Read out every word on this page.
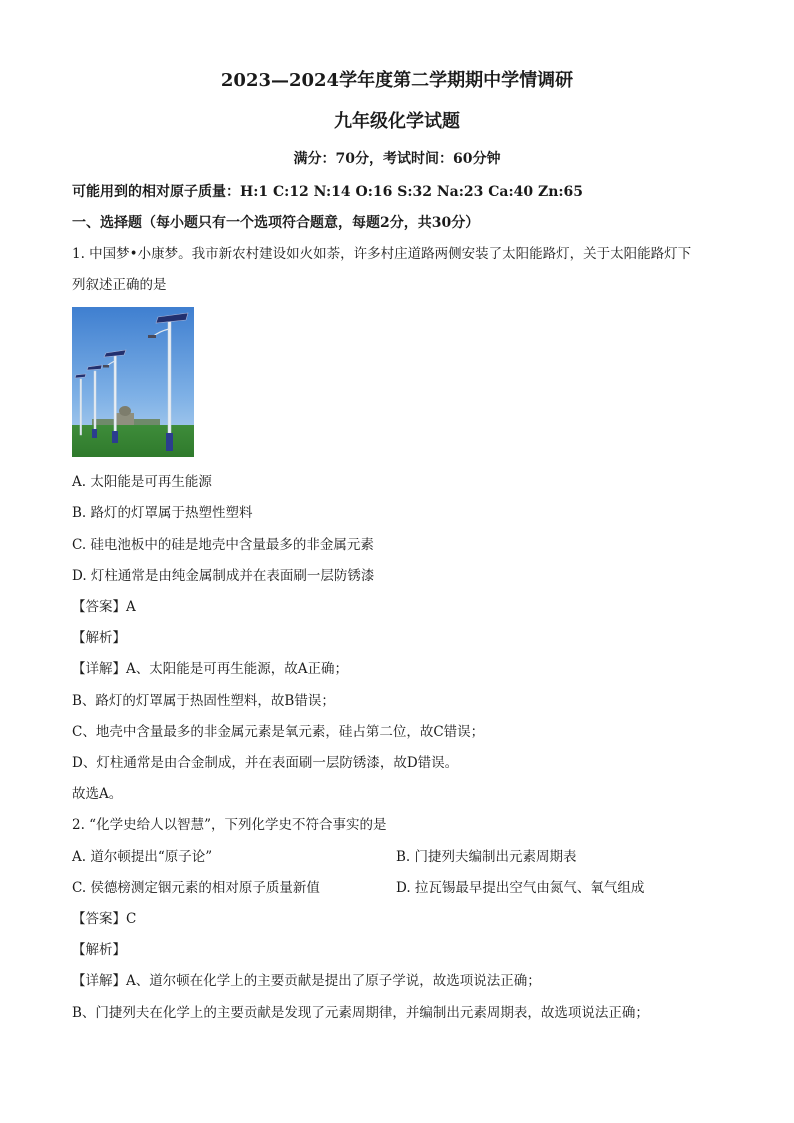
2023—2024学年度第二学期期中学情调研
九年级化学试题
满分：70分，考试时间：60分钟
可能用到的相对原子质量：H:1 C:12 N:14 O:16 S:32 Na:23 Ca:40 Zn:65
一、选择题（每小题只有一个选项符合题意，每题2分，共30分）
1. 中国梦•小康梦。我市新农村建设如火如荼，许多村庄道路两侧安装了太阳能路灯，关于太阳能路灯下
列叙述正确的是
A. 太阳能是可再生能源
B. 路灯的灯罩属于热塑性塑料
C. 硅电池板中的硅是地壳中含量最多的非金属元素
D. 灯柱通常是由纯金属制成并在表面刷一层防锈漆
【答案】A
【解析】
【详解】A、太阳能是可再生能源，故A正确；
B、路灯的灯罩属于热固性塑料，故B错误；
C、地壳中含量最多的非金属元素是氧元素，硅占第二位，故C错误；
D、灯柱通常是由合金制成，并在表面刷一层防锈漆，故D错误。
故选A。
2. “化学史给人以智慧”，下列化学史不符合事实的是
A. 道尔顿提出“原子论”	B. 门捷列夫编制出元素周期表
C. 侯德榜测定铟元素的相对原子质量新值	D. 拉瓦锡最早提出空气由氮气、氧气组成
【答案】C
【解析】
【详解】A、道尔顿在化学上的主要贡献是提出了原子学说，故选项说法正确；
B、门捷列夫在化学上的主要贡献是发现了元素周期律，并编制出元素周期表，故选项说法正确；
